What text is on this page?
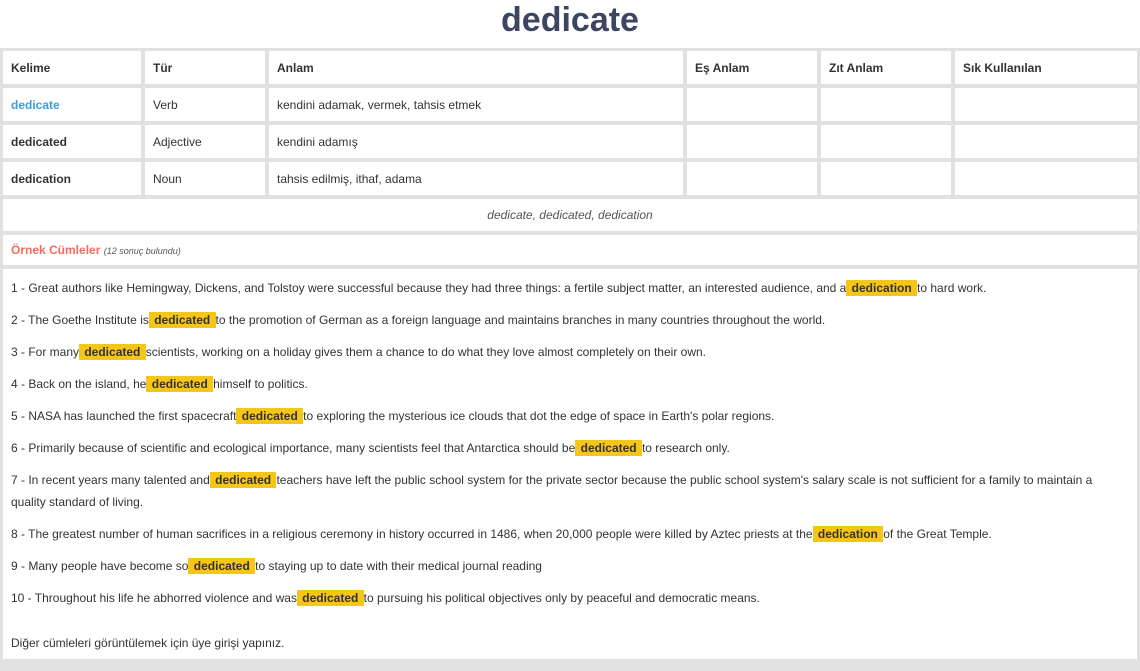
dedicate
Kelime	Tür	Anlam	Eş Anlam	Zıt Anlam	Sık Kullanılan
dedicate	Verb	kendini adamak, vermek, tahsis etmek			
dedicated	Adjective	kendini adamış			
dedication	Noun	tahsis edilmiş, ithaf, adama			
dedicate, dedicated, dedication
Örnek Cümleler (12 sonuç bulundu)
1 - Great authors like Hemingway, Dickens, and Tolstoy were successful because they had three things: a fertile subject matter, an interested audience, and a dedication to hard work.
2 - The Goethe Institute is dedicated to the promotion of German as a foreign language and maintains branches in many countries throughout the world.
3 - For many dedicated scientists, working on a holiday gives them a chance to do what they love almost completely on their own.
4 - Back on the island, he dedicated himself to politics.
5 - NASA has launched the first spacecraft dedicated to exploring the mysterious ice clouds that dot the edge of space in Earth's polar regions.
6 - Primarily because of scientific and ecological importance, many scientists feel that Antarctica should be dedicated to research only.
7 - In recent years many talented and dedicated teachers have left the public school system for the private sector because the public school system's salary scale is not sufficient for a family to maintain a quality standard of living.
8 - The greatest number of human sacrifices in a religious ceremony in history occurred in 1486, when 20,000 people were killed by Aztec priests at the dedication of the Great Temple.
9 - Many people have become so dedicated to staying up to date with their medical journal reading
10 - Throughout his life he abhorred violence and was dedicated to pursuing his political objectives only by peaceful and democratic means.
Diğer cümleleri görüntülemek için üye girişi yapınız.
